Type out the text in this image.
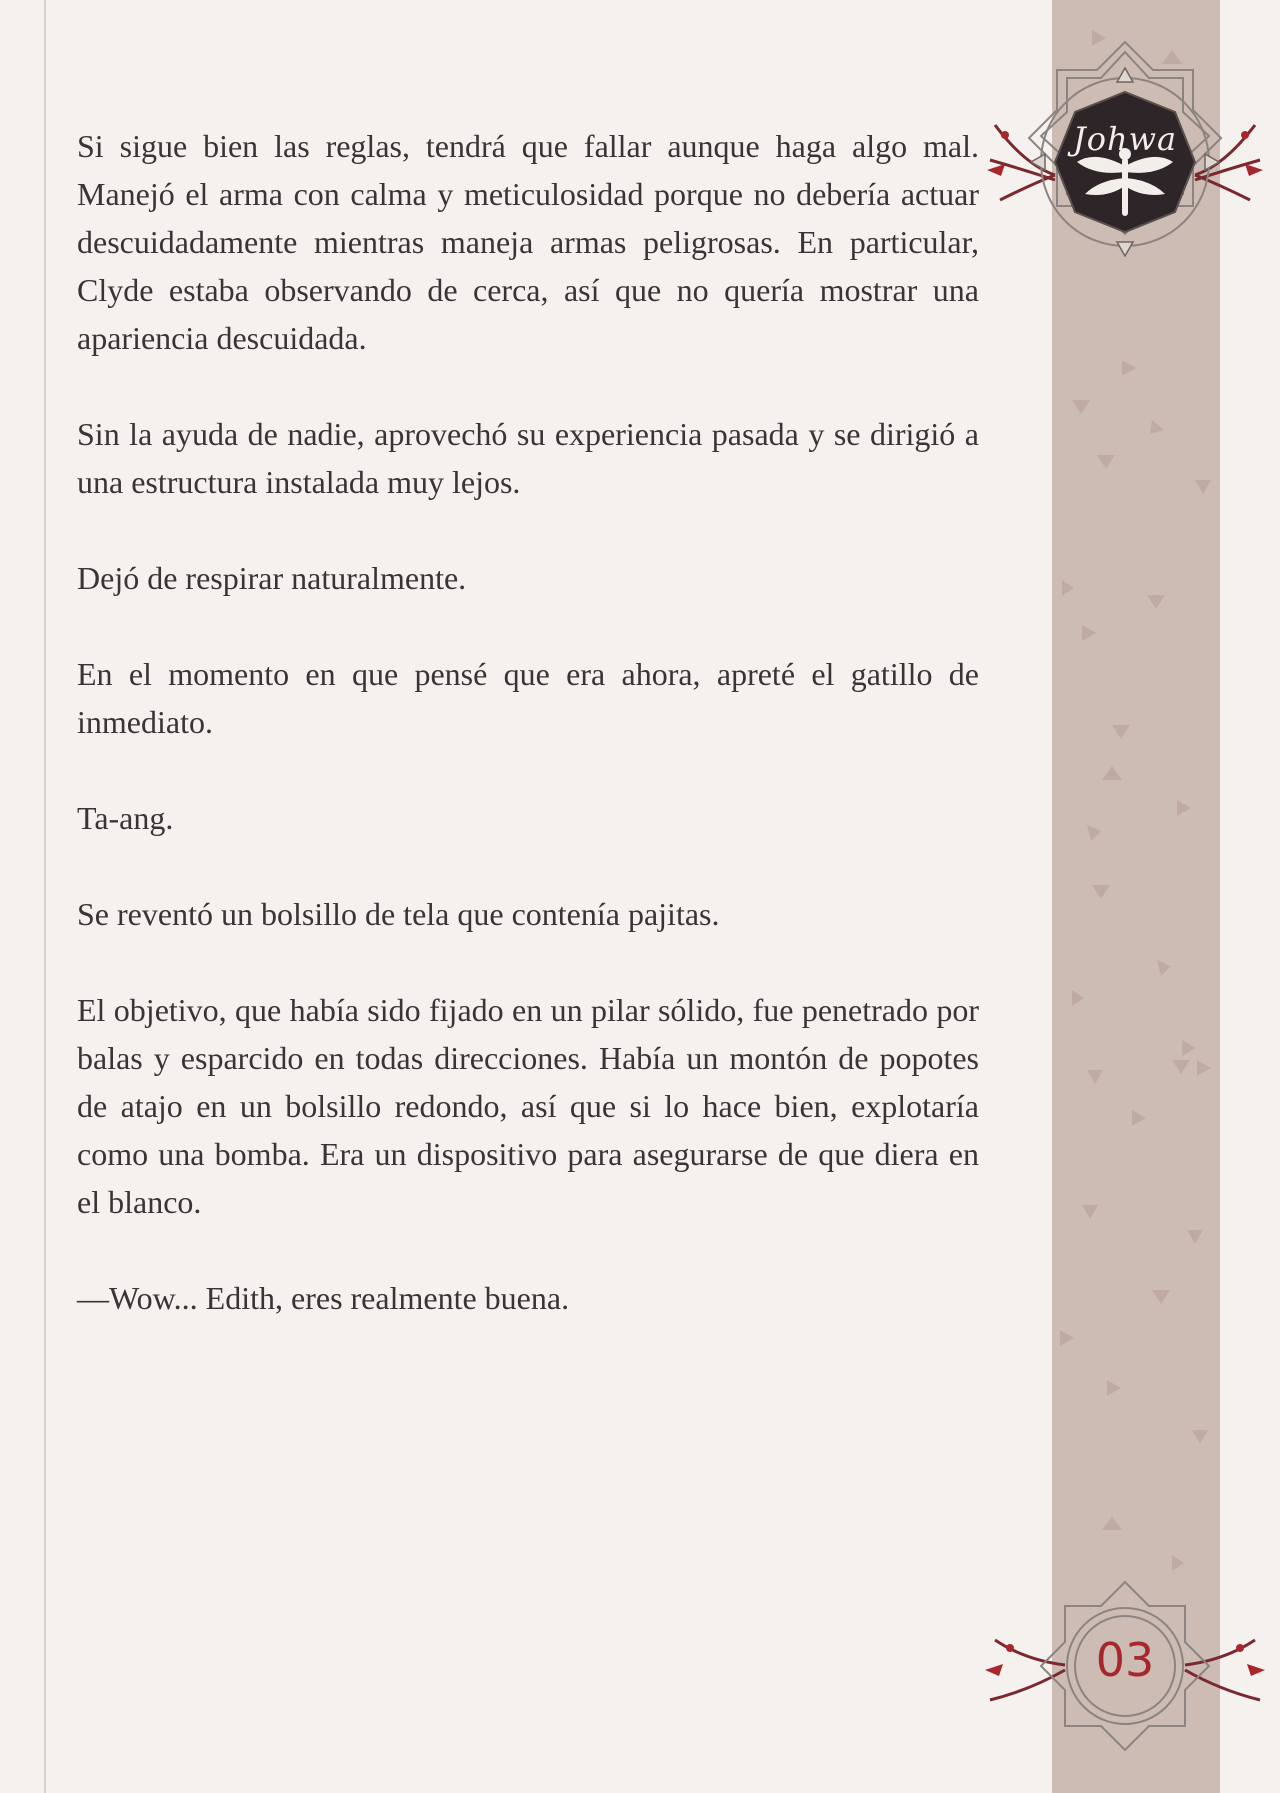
Si sigue bien las reglas, tendrá que fallar aunque haga algo mal. Manejó el arma con calma y meticulosidad porque no debería actuar descuidadamente mientras maneja armas peligrosas. En particular, Clyde estaba observando de cerca, así que no quería mostrar una apariencia descuidada.

Sin la ayuda de nadie, aprovechó su experiencia pasada y se dirigió a una estructura instalada muy lejos.

Dejó de respirar naturalmente.

En el momento en que pensé que era ahora, apreté el gatillo de inmediato.

Ta-ang.

Se reventó un bolsillo de tela que contenía pajitas.

El objetivo, que había sido fijado en un pilar sólido, fue penetrado por balas y esparcido en todas direcciones. Había un montón de popotes de atajo en un bolsillo redondo, así que si lo hace bien, explotaría como una bomba. Era un dispositivo para asegurarse de que diera en el blanco.

—Wow... Edith, eres realmente buena.

Johwa
03
